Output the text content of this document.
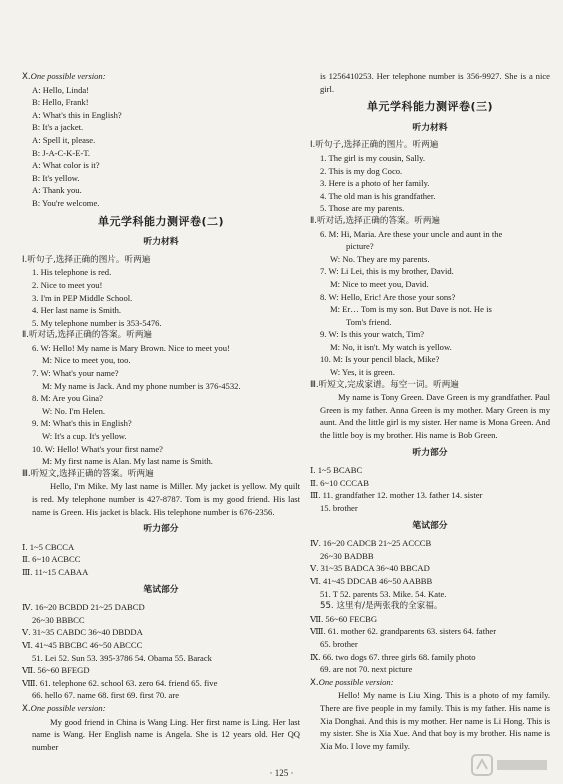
Ⅹ.One possible version:
A: Hello, Linda!
B: Hello, Frank!
A: What's this in English?
B: It's a jacket.
A: Spell it, please.
B: J-A-C-K-E-T.
A: What color is it?
B: It's yellow.
A: Thank you.
B: You're welcome.
单元学科能力测评卷(二)
听力材料
Ⅰ.听句子,选择正确的图片。听两遍
1. His telephone is red.
2. Nice to meet you!
3. I'm in PEP Middle School.
4. Her last name is Smith.
5. My telephone number is 353-5476.
Ⅱ.听对话,选择正确的答案。听两遍
6. W: Hello! My name is Mary Brown. Nice to meet you!
M: Nice to meet you, too.
7. W: What's your name?
M: My name is Jack. And my phone number is 376-4532.
8. M: Are you Gina?
W: No. I'm Helen.
9. M: What's this in English?
W: It's a cup. It's yellow.
10. W: Hello! What's your first name?
M: My first name is Alan. My last name is Smith.
Ⅲ.听短文,选择正确的答案。听两遍
Hello, I'm Mike. My last name is Miller. My jacket is yellow. My quilt is red. My telephone number is 427-8787. Tom is my good friend. His last name is Green. His jacket is black. His telephone number is 676-2356.
听力部分
Ⅰ. 1~5 CBCCA
Ⅱ. 6~10 ACBCC
Ⅲ. 11~15 CABAA
笔试部分
Ⅳ. 16~20 BCBDD 21~25 DABCD
26~30 BBBCC
Ⅴ. 31~35 CABDC 36~40 DBDDA
Ⅵ. 41~45 BBCBC 46~50 ABCCC
51. Lei 52. Sun 53. 395-3786 54. Obama 55. Barack
Ⅶ. 56~60 BFEGD
Ⅷ. 61. telephone 62. school 63. zero 64. friend 65. five
66. hello 67. name 68. first 69. first 70. are
Ⅹ.One possible version:
My good friend in China is Wang Ling. Her first name is Ling. Her last name is Wang. Her English name is Angela. She is 12 years old. Her QQ number
is 1256410253. Her telephone number is 356-9927. She is a nice girl.
单元学科能力测评卷(三)
听力材料
Ⅰ.听句子,选择正确的图片。听两遍
1. The girl is my cousin, Sally.
2. This is my dog Coco.
3. Here is a photo of her family.
4. The old man is his grandfather.
5. Those are my parents.
Ⅱ.听对话,选择正确的答案。听两遍
6. M: Hi, Maria. Are these your uncle and aunt in the
picture?
W: No. They are my parents.
7. W: Li Lei, this is my brother, David.
M: Nice to meet you, David.
8. W: Hello, Eric! Are those your sons?
M: Er… Tom is my son. But Dave is not. He is
Tom's friend.
9. W: Is this your watch, Tim?
M: No, it isn't. My watch is yellow.
10. M: Is your pencil black, Mike?
W: Yes, it is green.
Ⅲ.听短文,完成家谱。每空一词。听两遍
My name is Tony Green. Dave Green is my grandfather. Paul Green is my father. Anna Green is my mother. Mary Green is my aunt. And the little girl is my sister. Her name is Mona Green. And the little boy is my brother. His name is Bob Green.
听力部分
Ⅰ. 1~5 BCABC
Ⅱ. 6~10 CCCAB
Ⅲ. 11. grandfather 12. mother 13. father 14. sister
15. brother
笔试部分
Ⅳ. 16~20 CADCB 21~25 ACCCB
26~30 BADBB
Ⅴ. 31~35 BADCA 36~40 BBCAD
Ⅵ. 41~45 DDCAB 46~50 AABBB
51. T 52. parents 53. Mike. 54. Kate.
55. 这里有/是两张我的全家福。
Ⅶ. 56~60 FECBG
Ⅷ. 61. mother 62. grandparents 63. sisters 64. father
65. brother
Ⅸ. 66. two dogs 67. three girls 68. family photo
69. are not 70. next picture
Ⅹ.One possible version:
Hello! My name is Liu Xing. This is a photo of my family. There are five people in my family. This is my father. His name is Xia Donghai. And this is my mother. Her name is Li Hong. This is my sister. She is Xia Xue. And that boy is my brother. His name is Xia Mo. I love my family.
· 125 ·
